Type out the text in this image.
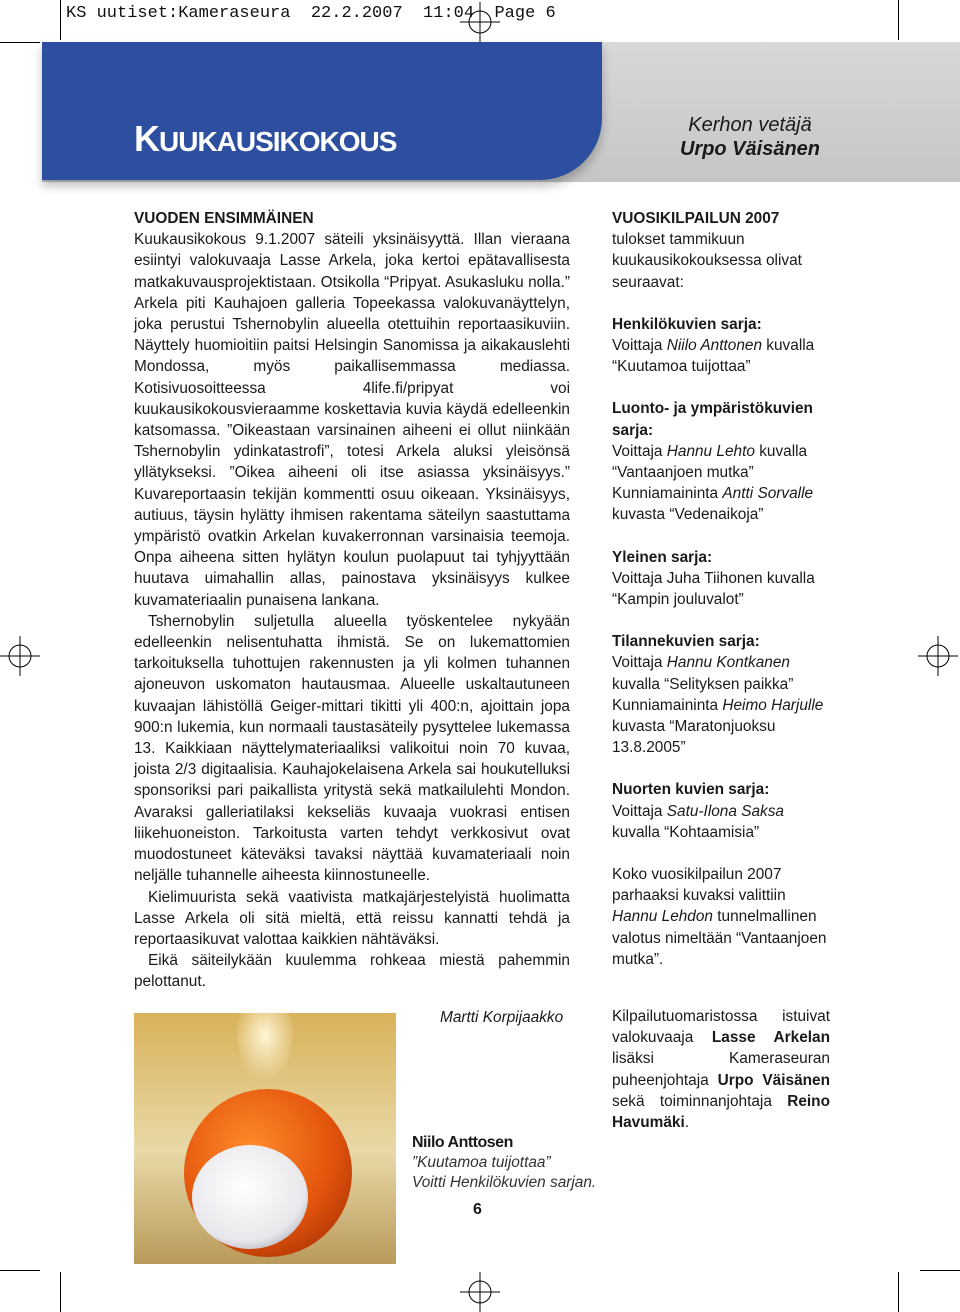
KS uutiset:Kameraseura  22.2.2007  11:04  Page 6
KUUKAUSIKOKOUS
Kerhon vetäjä
Urpo Väisänen

VUODEN ENSIMMÄINEN

Kuukausikokous 9.1.2007 säteili yksinäisyyttä. Illan vieraana esiintyi valokuvaaja Lasse Arkela, joka kertoi epätavallisesta matkakuvausprojektistaan. Otsikolla “Pripyat. Asukasluku nolla.” Arkela piti Kauhajoen galleria Topeekassa valokuvanäyttelyn, joka perustui Tshernobylin alueella otettuihin reportaasikuviin. Näyttely huomioitiin paitsi Helsingin Sanomissa ja aikakauslehti Mondossa, myös paikallisemmassa mediassa. Kotisivuosoitteessa 4life.fi/pripyat voi kuukausikokousvieraamme koskettavia kuvia käydä edelleenkin katsomassa. ”Oikeastaan varsinainen aiheeni ei ollut niinkään Tshernobylin ydinkatastrofi”, totesi Arkela aluksi yleisönsä yllätykseksi. ”Oikea aiheeni oli itse asiassa yksinäisyys.” Kuvareportaasin tekijän kommentti osuu oikeaan. Yksinäisyys, autiuus, täysin hylätty ihmisen rakentama säteilyn saastuttama ympäristö ovatkin Arkelan kuvakerronnan varsinaisia teemoja. Onpa aiheena sitten hylätyn koulun puolapuut tai tyhjyyttään huutava uimahallin allas, painostava yksinäisyys kulkee kuvamateriaalin punaisena lankana.

Tshernobylin suljetulla alueella työskentelee nykyään edelleenkin nelisentuhatta ihmistä. Se on lukemattomien tarkoituksella tuhottujen rakennusten ja yli kolmen tuhannen ajoneuvon uskomaton hautausmaa. Alueelle uskaltautuneen kuvaajan lähistöllä Geiger-mittari tikitti yli 400:n, ajoittain jopa 900:n lukemia, kun normaali taustasäteily pysyttelee lukemassa 13. Kaikkiaan näyttelymateriaaliksi valikoitui noin 70 kuvaa, joista 2/3 digitaalisia. Kauhajokelaisena Arkela sai houkutelluksi sponsoriksi pari paikallista yritystä sekä matkailulehti Mondon. Avaraksi galleriatilaksi kekseliäs kuvaaja vuokrasi entisen liikehuoneiston. Tarkoitusta varten tehdyt verkkosivut ovat muodostuneet käteväksi tavaksi näyttää kuvamateriaali noin neljälle tuhannelle aiheesta kiinnostuneelle.

Kielimuurista sekä vaativista matkajärjestelyistä huolimatta Lasse Arkela oli sitä mieltä, että reissu kannatti tehdä ja reportaasikuvat valottaa kaikkien nähtäväksi.

Eikä säiteilykään kuulemma rohkeaa miestä pahemmin pelottanut.

VUOSIKILPAILUN 2007

tulokset tammikuun kuukausikokouksessa olivat seuraavat:

Henkilökuvien sarja:

Voittaja Niilo Anttonen kuvalla “Kuutamoa tuijottaa”

Luonto- ja ympäristökuvien sarja:

Voittaja Hannu Lehto kuvalla “Vantaanjoen mutka”

Kunniamaininta Antti Sorvalle kuvasta “Vedenaikoja”

Yleinen sarja:

Voittaja Juha Tiihonen kuvalla “Kampin jouluvalot”

Tilannekuvien sarja:

Voittaja Hannu Kontkanen kuvalla “Selityksen paikka”

Kunniamaininta Heimo Harjulle kuvasta “Maratonjuoksu 13.8.2005”

Nuorten kuvien sarja:

Voittaja Satu-Ilona Saksa kuvalla “Kohtaamisia”

Koko vuosikilpailun 2007 parhaaksi kuvaksi valittiin Hannu Lehdon tunnelmallinen valotus nimeltään “Vantaanjoen mutka”.

Martti Korpijaakko
Niilo Anttosen
”Kuutamoa tuijottaa”
Voitti Henkilökuvien sarjan.
6
Kilpailutuomaristossa istuivat valokuvaaja Lasse Arkelan lisäksi Kameraseuran puheenjohtaja Urpo Väisänen sekä toiminnanjohtaja Reino Havumäki.
